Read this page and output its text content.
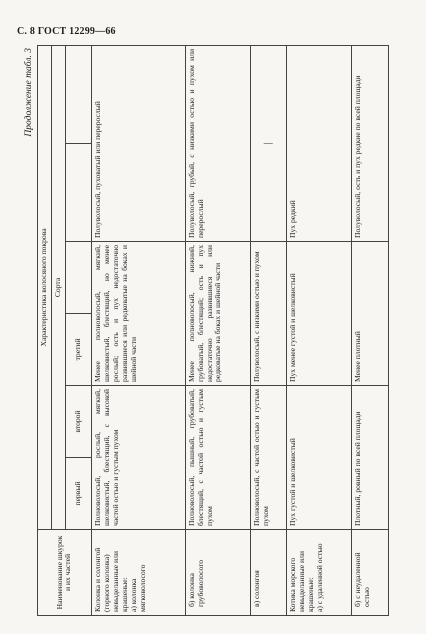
С. 8 ГОСТ 12299—66
Продолжение табл. 3
Наименование шкурок и их частей	Характеристика волосяного покрова					
	Сорта					
	первый	второй	третий			

Колонка и солонгой (горного колонка) невыделанные или крашеные: а) колонка мягковолосого	Полноволосый, рослый, мягкий, шелковистый, блестящий, с высокой частой остью и густым пухом		Менее полноволосый, мягкий, шелковистый, блестящий, но менее рослый; ость и пух недостаточно развившиеся или редковатые на боках и шейной части		Полуволосый, пуховатый или перерослый	

б) колонка грубоволосого	Полноволосый, пышный, грубоватый, блестящий, с частой остью и густым пухом		Менее полноволосый, нижний, грубоватый, блестящий; ость и пух недостаточно развившиеся или редковатые на боках и шейной части		Полуволосый, грубый, с низкими остью и пухом или перерослый	

в) солонгоя	Полноволосый, с частой остью и густым пухом		Полуволосый, с низкими остью и пухом		—	

Котика морского невыделанные или крашеные: а) с удаленной остью	Пух густой и шелковистый		Пух менее густой и шелковистый		Пух редкий	

б) с неудаленной остью	Плотный, ровный по всей площади		Менее плотный		Полуволосый, ость и пух редкие по всей площади	
